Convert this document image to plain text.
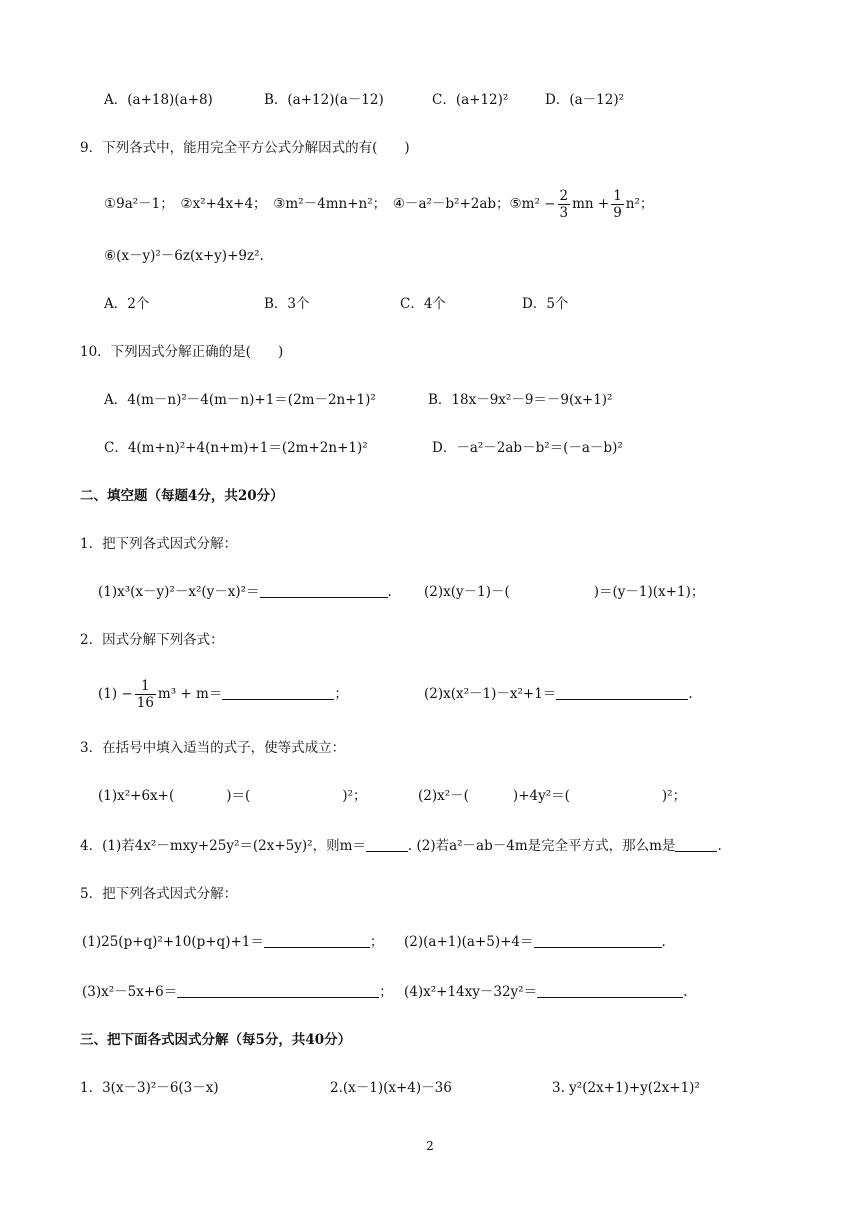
A．(a+18)(a+8)	B．(a+12)(a－12)	C．(a+12)²	D．(a－12)²
9．下列各式中，能用完全平方公式分解因式的有(　　)
①9a²－1；　②x²+4x+4；　③m²－4mn+n²；　④－a²－b²+2ab；⑤m² − $\frac{2}{3}$ mn + $\frac{1}{9} n^2$；
⑥(x－y)²－6z(x+y)+9z².
A．2个	B．3个	C．4个	D．5个
10．下列因式分解正确的是(　　)
A．4(m－n)²－4(m－n)+1＝(2m－2n+1)²	B．18x－9x²－9＝－9(x+1)²
C．4(m+n)²+4(n+m)+1＝(2m+2n+1)²	D．－a²－2ab－b²＝(－a－b)²
二、填空题（每题4分，共20分）
1．把下列各式因式分解：
(1)x³(x－y)²－x²(y－x)²＝	. (2)x(y－1)－(	)＝(y－1)(x+1)；
2．因式分解下列各式：
$(1) - \frac{1}{16} m^3 + m=$	；	(2)x(x²－1)－x²+1＝	.
3．在括号中填入适当的式子，使等式成立：
(1)x²+6x+(	)＝(	)²；	(2)x²－(	)+4y²＝(	)²；
4．(1)若4x²－mxy+25y²＝(2x+5y)²，则m＝	. (2)若a²－ab－4m是完全平方式，那么m是	.
5．把下列各式因式分解：
(1)25(p+q)²+10(p+q)+1＝	； (2)(a+1)(a+5)+4＝	.
(3)x²－5x+6＝	； (4)x²+14xy－32y²＝	.
三、把下面各式因式分解（每5分，共40分）
1．3(x－3)²－6(3－x)	2.(x－1)(x+4)－36	3. y²(2x+1)+y(2x+1)²
2
